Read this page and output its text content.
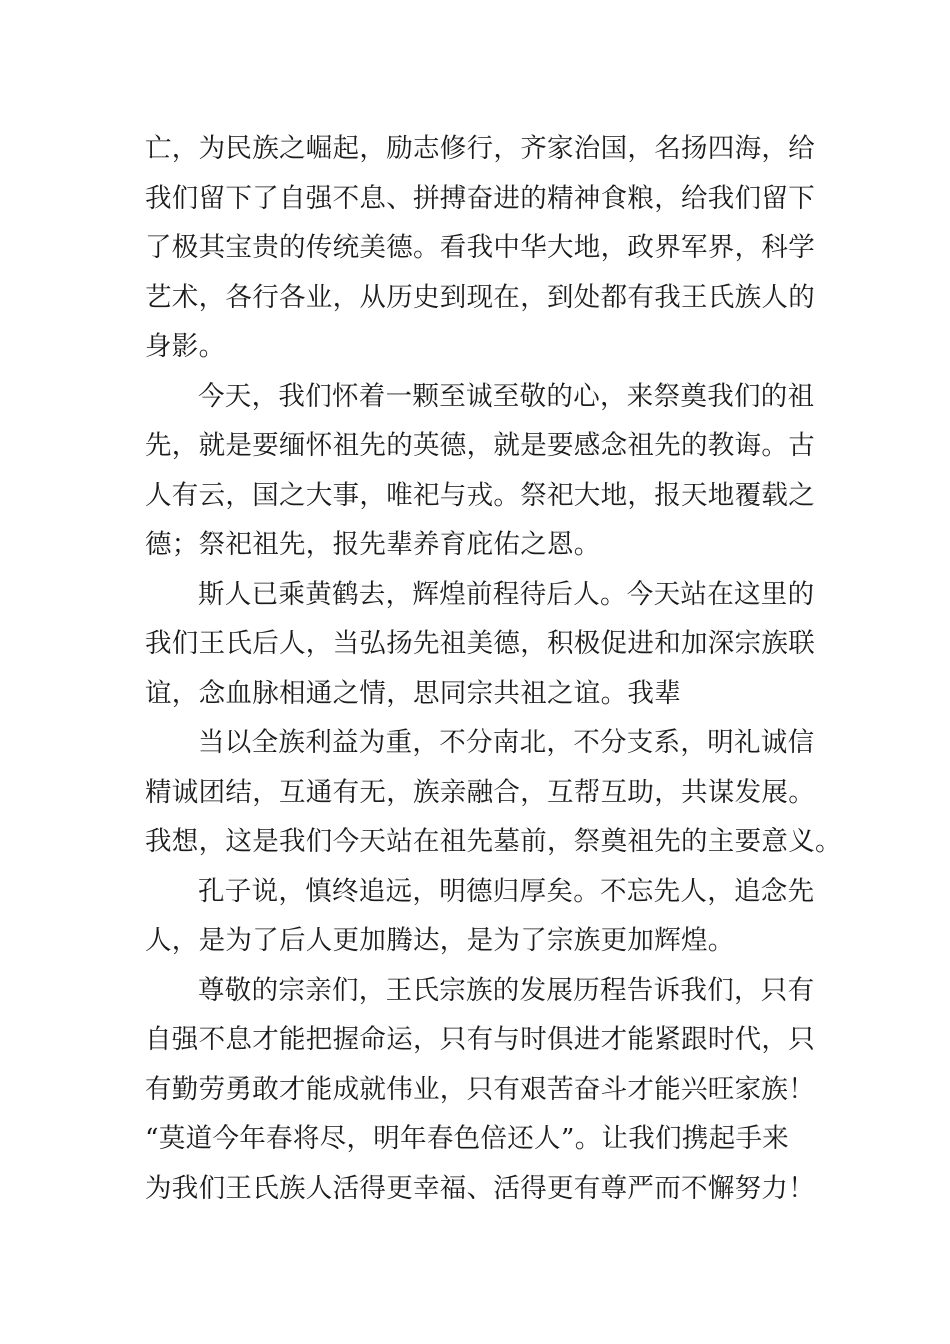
亡，为民族之崛起，励志修行，齐家治国，名扬四海，给
我们留下了自强不息、拼搏奋进的精神食粮，给我们留下
了极其宝贵的传统美德。看我中华大地，政界军界，科学
艺术，各行各业，从历史到现在，到处都有我王氏族人的
身影。

今天，我们怀着一颗至诚至敬的心，来祭奠我们的祖
先，就是要缅怀祖先的英德，就是要感念祖先的教诲。古
人有云，国之大事，唯祀与戎。祭祀大地，报天地覆载之
德；祭祀祖先，报先辈养育庇佑之恩。

斯人已乘黄鹤去，辉煌前程待后人。今天站在这里的
我们王氏后人，当弘扬先祖美德，积极促进和加深宗族联
谊，念血脉相通之情，思同宗共祖之谊。我辈

当以全族利益为重，不分南北，不分支系，明礼诚信
精诚团结，互通有无，族亲融合，互帮互助，共谋发展。
我想，这是我们今天站在祖先墓前，祭奠祖先的主要意义。

孔子说，慎终追远，明德归厚矣。不忘先人，追念先
人，是为了后人更加腾达，是为了宗族更加辉煌。

尊敬的宗亲们，王氏宗族的发展历程告诉我们，只有
自强不息才能把握命运，只有与时俱进才能紧跟时代，只
有勤劳勇敢才能成就伟业，只有艰苦奋斗才能兴旺家族！
“莫道今年春将尽，明年春色倍还人”。让我们携起手来
为我们王氏族人活得更幸福、活得更有尊严而不懈努力！
